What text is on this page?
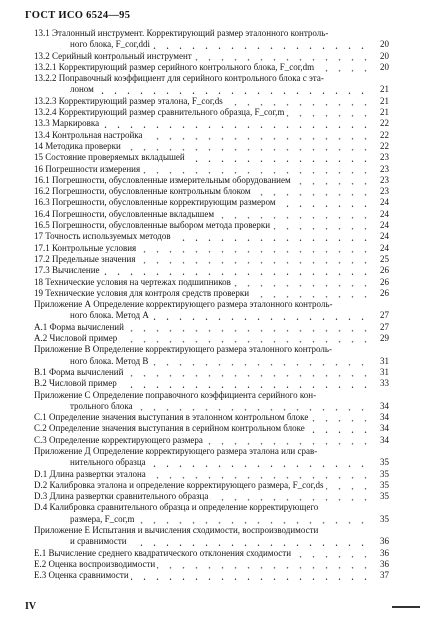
ГОСТ ИСО 6524—95
13.1 Эталонный инструмент. Корректирующий размер эталонного контроль-
ного блока, F_сог,ddi	20
13.2 Серийный контрольный инструмент	20
13.2.1 Корректирующий размер серийного контрольного блока, F_сог,dm	20
13.2.2 Поправочный коэффициент для серийного контрольного блока с эта-
лоном	21
13.2.3 Корректирующий размер эталона, F_сог,ds	21
13.2.4 Корректирующий размер сравнительного образца, F_сог,m	21
13.3 Маркировка	22
13.4 Контрольная настройка	22
14 Методика проверки	22
15 Состояние проверяемых вкладышей	23
16 Погрешности измерения	23
16.1 Погрешности, обусловленные измерительным оборудованием	23
16.2 Погрешности, обусловленные контрольным блоком	23
16.3 Погрешности, обусловленные корректирующим размером	24
16.4 Погрешности, обусловленные вкладышем	24
16.5 Погрешности, обусловленные выбором метода проверки	24
17 Точность используемых методов	24
17.1 Контрольные условия	24
17.2 Предельные значения	25
17.3 Вычисление	26
18 Технические условия на чертежах подшипников	26
19 Технические условия для контроля средств проверки	26
Приложение А Определение корректирующего размера эталонного контроль-
ного блока. Метод А	27
А.1 Форма вычислений	27
А.2 Числовой пример	29
Приложение В Определение корректирующего размера эталонного контроль-
ного блока. Метод В	31
В.1 Форма вычислений	31
В.2 Числовой пример	33
Приложение С Определение поправочного коэффициента серийного кон-
трольного блока	34
С.1 Определение значения выступания в эталонном контрольном блоке	34
С.2 Определение значения выступания в серийном контрольном блоке	34
С.3 Определение корректирующего размера	34
Приложение Д Определение корректирующего размера эталона или срав-
нительного образца	35
D.1 Длина развертки эталона	35
D.2 Калибровка эталона и определение корректирующего размера, F_сог,ds	35
D.3 Длина развертки сравнительного образца	35
D.4 Калибровка сравнительного образца и определение корректирующего
размера, F_сог,m	35
Приложение Е Испытания и вычисления сходимости, воспроизводимости
и сравнимости	36
Е.1 Вычисление среднего квадратического отклонения сходимости	36
Е.2 Оценка воспроизводимости	36
Е.3 Оценка сравнимости	37
IV
